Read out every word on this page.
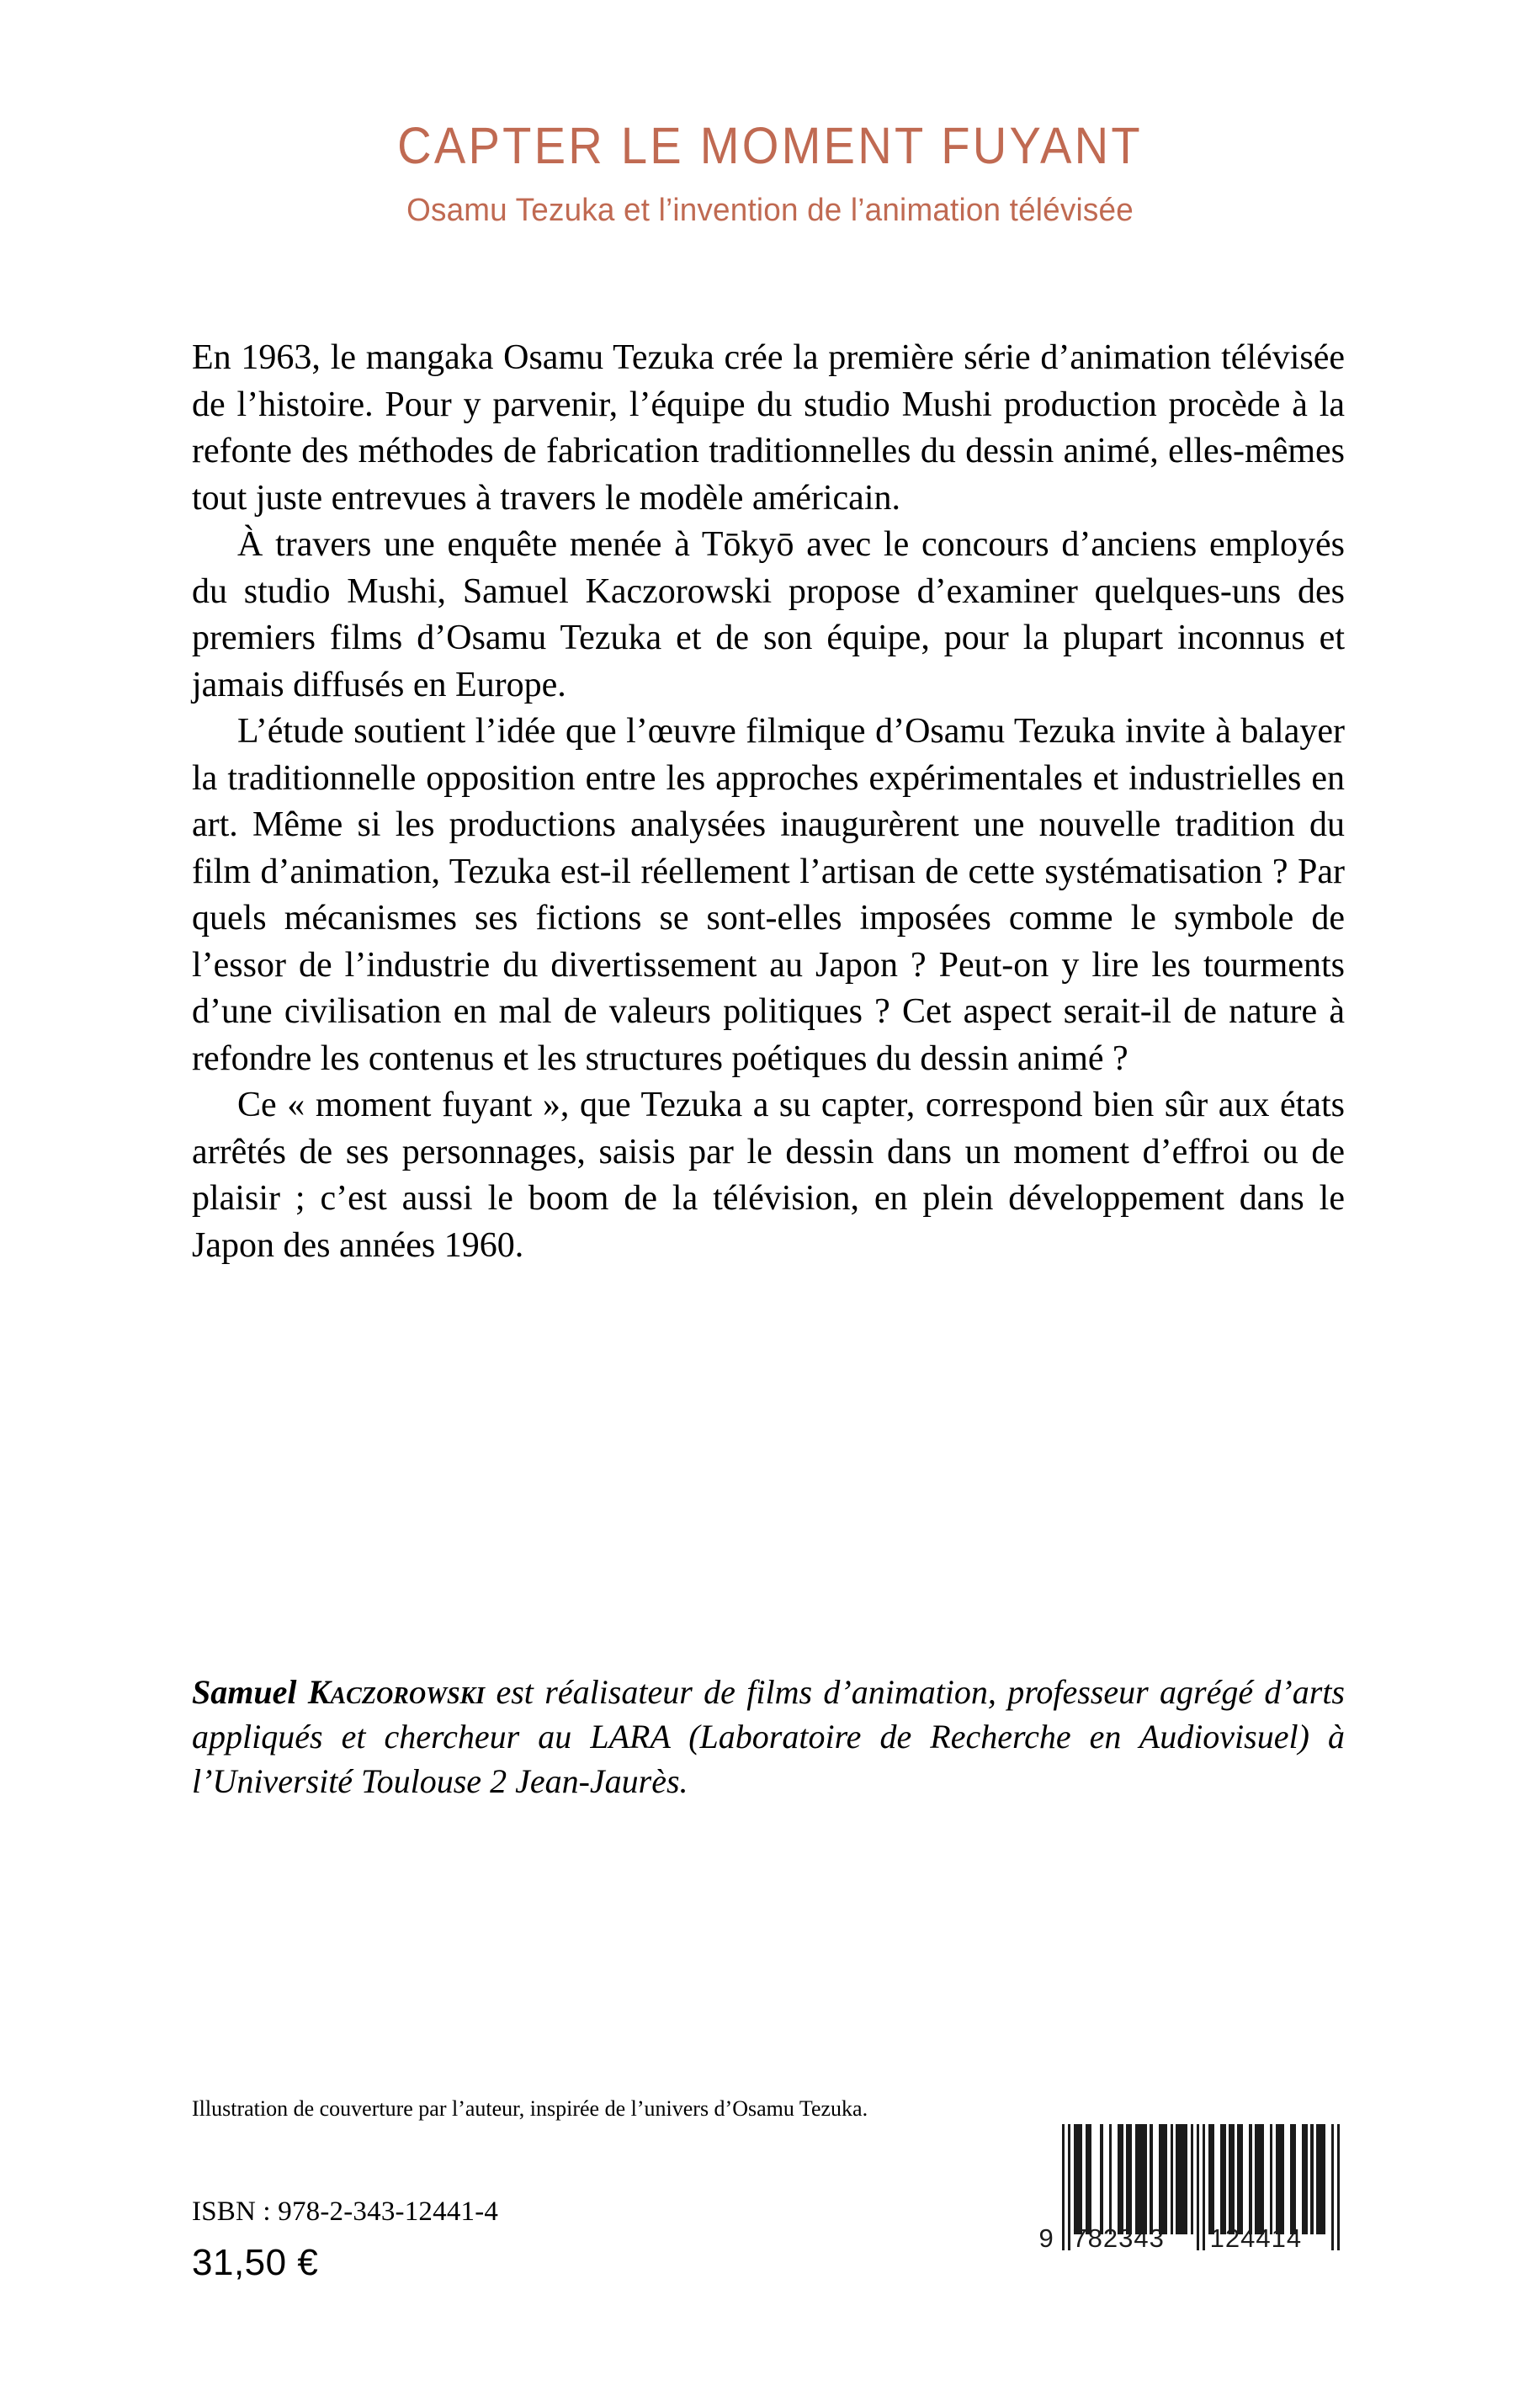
CAPTER LE MOMENT FUYANT
Osamu Tezuka et l’invention de l’animation télévisée

En 1963, le mangaka Osamu Tezuka crée la première série d’animation télévisée de l’histoire. Pour y parvenir, l’équipe du studio Mushi production procède à la refonte des méthodes de fabrication traditionnelles du dessin animé, elles-mêmes tout juste entrevues à travers le modèle américain.

À travers une enquête menée à Tōkyō avec le concours d’anciens employés du studio Mushi, Samuel Kaczorowski propose d’examiner quelques-uns des premiers films d’Osamu Tezuka et de son équipe, pour la plupart inconnus et jamais diffusés en Europe.

L’étude soutient l’idée que l’œuvre filmique d’Osamu Tezuka invite à balayer la traditionnelle opposition entre les approches expérimentales et industrielles en art. Même si les productions analysées inaugurèrent une nouvelle tradition du film d’animation, Tezuka est-il réellement l’artisan de cette systématisation ? Par quels mécanismes ses fictions se sont-elles imposées comme le symbole de l’essor de l’industrie du divertissement au Japon ? Peut-on y lire les tourments d’une civilisation en mal de valeurs politiques ? Cet aspect serait-il de nature à refondre les contenus et les structures poétiques du dessin animé ?

Ce « moment fuyant », que Tezuka a su capter, correspond bien sûr aux états arrêtés de ses personnages, saisis par le dessin dans un moment d’effroi ou de plaisir ; c’est aussi le boom de la télévision, en plein développement dans le Japon des années 1960.

Samuel Kaczorowski est réalisateur de films d’animation, professeur agrégé d’arts appliqués et chercheur au LARA (Laboratoire de Recherche en Audiovisuel) à l’Université Toulouse 2 Jean-Jaurès.
Illustration de couverture par l’auteur, inspirée de l’univers d’Osamu Tezuka.
ISBN : 978-2-343-12441-4
31,50 €
9 782343 124414
